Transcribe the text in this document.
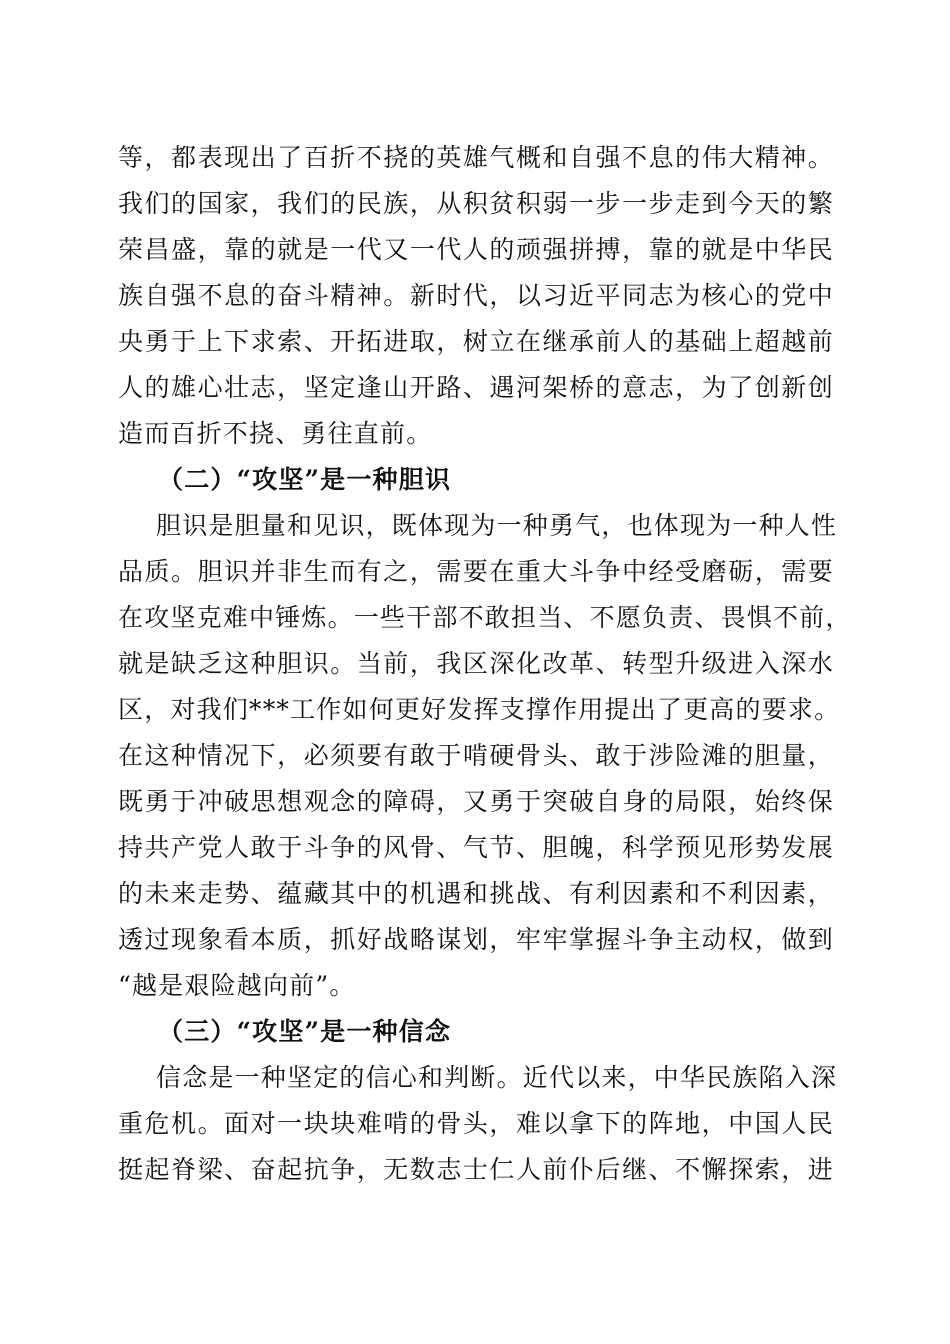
等，都表现出了百折不挠的英雄气概和自强不息的伟大精神。
我们的国家，我们的民族，从积贫积弱一步一步走到今天的繁
荣昌盛，靠的就是一代又一代人的顽强拼搏，靠的就是中华民
族自强不息的奋斗精神。新时代，以习近平同志为核心的党中
央勇于上下求索、开拓进取，树立在继承前人的基础上超越前
人的雄心壮志，坚定逢山开路、遇河架桥的意志，为了创新创
造而百折不挠、勇往直前。
（二）“攻坚”是一种胆识
胆识是胆量和见识，既体现为一种勇气，也体现为一种人性
品质。胆识并非生而有之，需要在重大斗争中经受磨砺，需要
在攻坚克难中锤炼。一些干部不敢担当、不愿负责、畏惧不前，
就是缺乏这种胆识。当前，我区深化改革、转型升级进入深水
区，对我们***工作如何更好发挥支撑作用提出了更高的要求。
在这种情况下，必须要有敢于啃硬骨头、敢于涉险滩的胆量，
既勇于冲破思想观念的障碍，又勇于突破自身的局限，始终保
持共产党人敢于斗争的风骨、气节、胆魄，科学预见形势发展
的未来走势、蕴藏其中的机遇和挑战、有利因素和不利因素，
透过现象看本质，抓好战略谋划，牢牢掌握斗争主动权，做到
“越是艰险越向前”。
（三）“攻坚”是一种信念
信念是一种坚定的信心和判断。近代以来，中华民族陷入深
重危机。面对一块块难啃的骨头，难以拿下的阵地，中国人民
挺起脊梁、奋起抗争，无数志士仁人前仆后继、不懈探索，进
